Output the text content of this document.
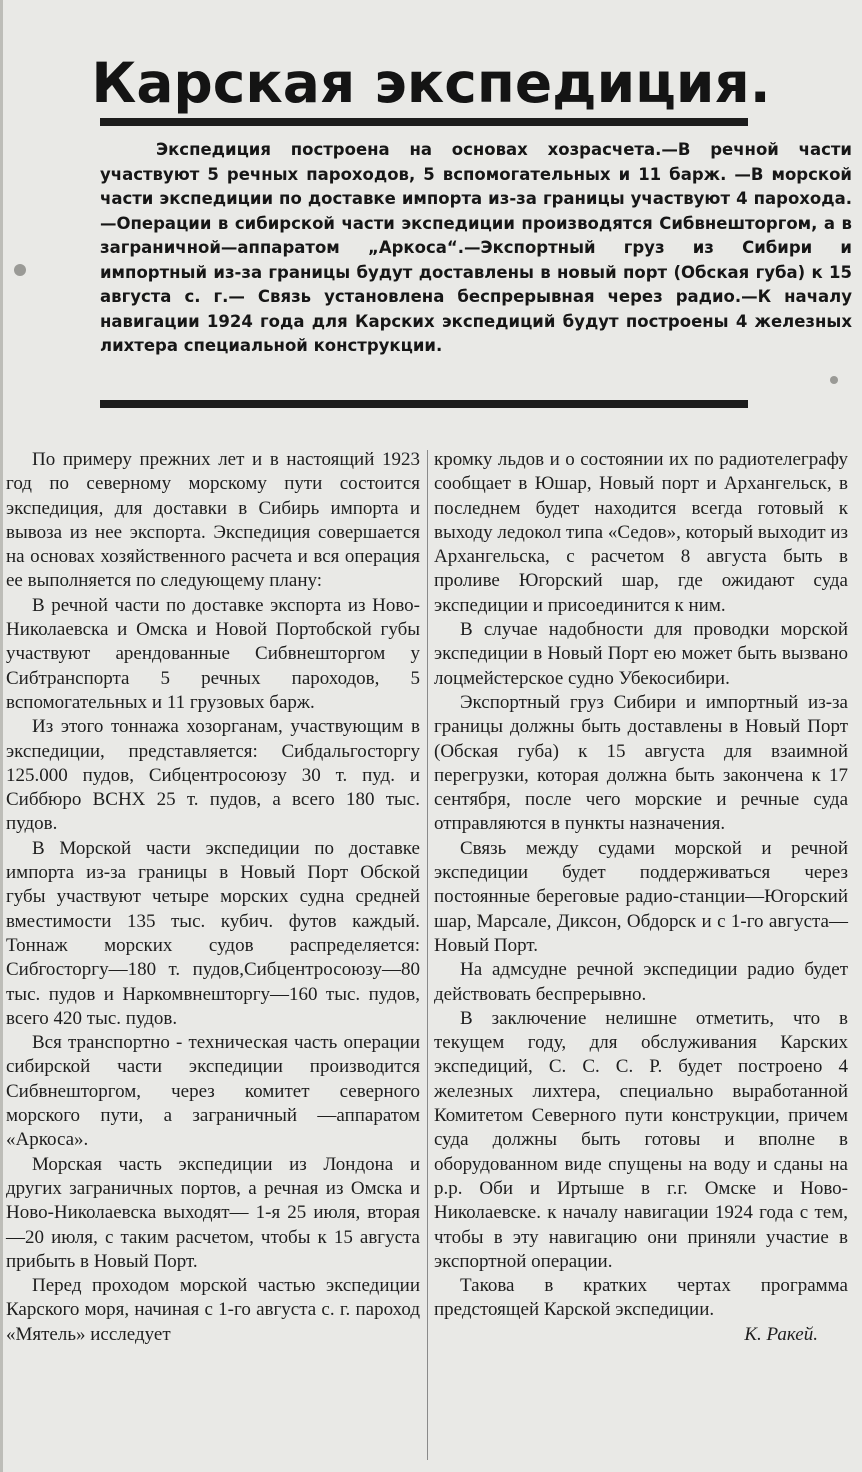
Карская экспедиция.

Экспедиция построена на основах хозрасчета.—В речной части участвуют 5 речных пароходов, 5 вспомогательных и 11 барж. —В морской части экспедиции по доставке импорта из-за границы участвуют 4 парохода.—Операции в сибирской части экспедиции производятся Сибвнешторгом, а в заграничной—аппаратом „Аркоса“.—Экспортный груз из Сибири и импортный из-за границы будут доставлены в новый порт (Обская губа) к 15 августа с. г.— Связь установлена беспрерывная через радио.—К началу навигации 1924 года для Карских экспедиций будут построены 4 железных лихтера специальной конструкции.

По примеру прежних лет и в настоящий 1923 год по северному морскому пути состоится экспедиция, для доставки в Сибирь импорта и вывоза из нее экспорта. Экспедиция совершается на основах хозяйственного расчета и вся операция ее выполняется по следующему плану:

В речной части по доставке экспорта из Ново-Николаевска и Омска и Новой Портобской губы участвуют арендованные Сибвнешторгом у Сибтранспорта 5 речных пароходов, 5 вспомогательных и 11 грузовых барж.

Из этого тоннажа хозорганам, участвующим в экспедиции, представляется: Сибдальгосторгу 125.000 пудов, Сибцентросоюзу 30 т. пуд. и Сиббюро ВСНХ 25 т. пудов, а всего 180 тыс. пудов.

В Морской части экспедиции по доставке импорта из-за границы в Новый Порт Обской губы участвуют четыре морских судна средней вместимости 135 тыс. кубич. футов каждый. Тоннаж морских судов распределяется: Сибгосторгу—180 т. пудов,Сибцентросоюзу—80 тыс. пудов и Наркомвнешторгу—160 тыс. пудов, всего 420 тыс. пудов.

Вся транспортно - техническая часть операции сибирской части экспедиции производится Сибвнешторгом, через комитет северного морского пути, а заграничный —аппаратом «Аркоса».

Морская часть экспедиции из Лондона и других заграничных портов, а речная из Омска и Ново-Николаевска выходят— 1-я 25 июля, вторая—20 июля, с таким расчетом, чтобы к 15 августа прибыть в Новый Порт.

Перед проходом морской частью экспедиции Карского моря, начиная с 1-го августа с. г. пароход «Мятель» исследует

кромку льдов и о состоянии их по радиотелеграфу сообщает в Юшар, Новый порт и Архангельск, в последнем будет находится всегда готовый к выходу ледокол типа «Седов», который выходит из Архангельска, с расчетом 8 августа быть в проливе Югорский шар, где ожидают суда экспедиции и присоединится к ним.

В случае надобности для проводки морской экспедиции в Новый Порт ею может быть вызвано лоцмейстерское судно Убекосибири.

Экспортный груз Сибири и импортный из-за границы должны быть доставлены в Новый Порт (Обская губа) к 15 августа для взаимной перегрузки, которая должна быть закончена к 17 сентября, после чего морские и речные суда отправляются в пункты назначения.

Связь между судами морской и речной экспедиции будет поддерживаться через постоянные береговые радио-станции—Югорский шар, Марсале, Диксон, Обдорск и с 1-го августа—Новый Порт.

На адмсудне речной экспедиции радио будет действовать беспрерывно.

В заключение нелишне отметить, что в текущем году, для обслуживания Карских экспедиций, С. С. С. Р. будет построено 4 железных лихтера, специально выработанной Комитетом Северного пути конструкции, причем суда должны быть готовы и вполне в оборудованном виде спущены на воду и сданы на р.р. Оби и Иртыше в г.г. Омске и Ново-Николаевске. к началу навигации 1924 года с тем, чтобы в эту навигацию они приняли участие в экспортной операции.

Такова в кратких чертах программа предстоящей Карской экспедиции.

К. Ракей.
